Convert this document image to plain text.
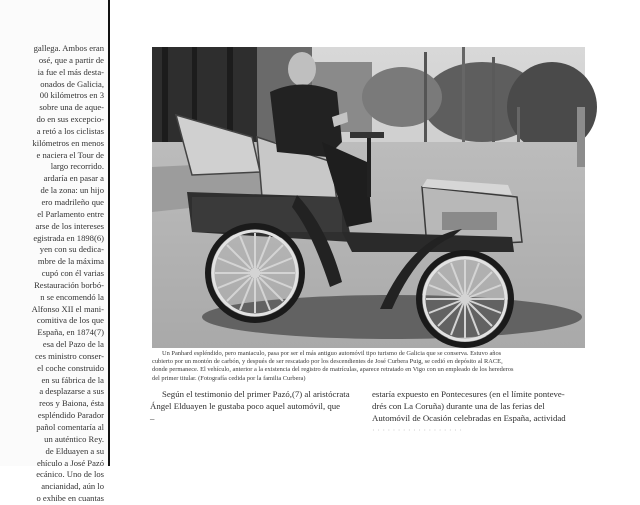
gallega. Ambos eran
osé, que a partir de
ia fue el más desta-
onados de Galicia,
00 kilómetros en 3
sobre una de aque-
do en sus excepcio-
a retó a los ciclistas
kilómetros en menos
e naciera el Tour de
largo recorrido.
ardaría en pasar a
de la zona: un hijo
ero madrileño que
el Parlamento entre
arse de los intereses
egistrada en 1898(6)
yen con su dedica-
mbre de la máxima
cupó con él varias
Restauración borbó-
n se encomendó la
Alfonso XII el mani-
comitiva de los que
España, en 1874(7)
esa del Pazo de la
ces ministro conser-
el coche construido
en su fábrica de la
a desplazarse a sus
reos y Baiona, ésta
espléndido Parador
pañol comentaría al
un auténtico Rey.
de Elduayen a su
ehículo a José Pazó
ecánico. Uno de los
ancianidad, aún lo
o exhibe en cuantas
Un Panhard espléndido, pero maniaculo, pasa por ser el más antiguo automóvil tipo turismo de Galicia que se conserva. Estuvo años
cubierto por un montón de carbón, y después de ser rescatado por los descendientes de José Curbera Puig, se cedió en depósito al RACE,
donde permanece. El vehículo, anterior a la existencia del registro de matrículas, aparece retratado en Vigo con un empleado de los herederos
del primer titular. (Fotografía cedida por la familia Curbera)
Según el testimonio del primer Pazó,(7) al aristócrata
Ángel Elduayen le gustaba poco aquel automóvil, que
–
estaría expuesto en Pontecesures (en el límite ponteve-
drés con La Coruña) durante una de las ferias del
Automóvil de Ocasión celebradas en España, actividad
· · · · · · · · · · · · · · · · · ·
